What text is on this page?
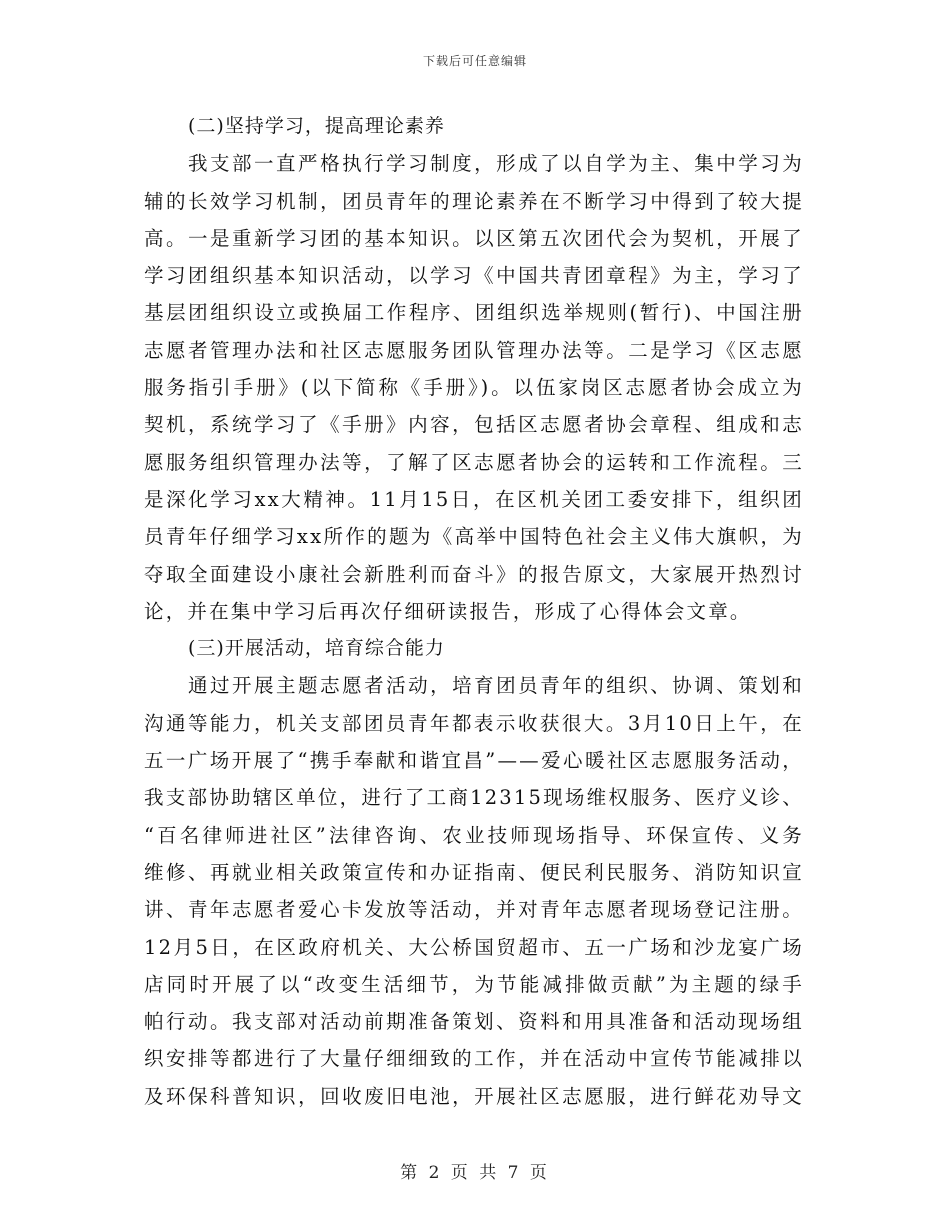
下载后可任意编辑
(二)坚持学习，提高理论素养
我支部一直严格执行学习制度，形成了以自学为主、集中学习为
辅的长效学习机制，团员青年的理论素养在不断学习中得到了较大提
高。一是重新学习团的基本知识。以区第五次团代会为契机，开展了
学习团组织基本知识活动，以学习《中国共青团章程》为主，学习了
基层团组织设立或换届工作程序、团组织选举规则(暂行)、中国注册
志愿者管理办法和社区志愿服务团队管理办法等。二是学习《区志愿
服务指引手册》(以下简称《手册》)。以伍家岗区志愿者协会成立为
契机，系统学习了《手册》内容，包括区志愿者协会章程、组成和志
愿服务组织管理办法等，了解了区志愿者协会的运转和工作流程。三
是深化学习xx大精神。11月15日，在区机关团工委安排下，组织团
员青年仔细学习xx所作的题为《高举中国特色社会主义伟大旗帜，为
夺取全面建设小康社会新胜利而奋斗》的报告原文，大家展开热烈讨
论，并在集中学习后再次仔细研读报告，形成了心得体会文章。
(三)开展活动，培育综合能力
通过开展主题志愿者活动，培育团员青年的组织、协调、策划和
沟通等能力，机关支部团员青年都表示收获很大。3月10日上午，在
五一广场开展了“携手奉献和谐宜昌”——爱心暖社区志愿服务活动，
我支部协助辖区单位，进行了工商12315现场维权服务、医疗义诊、
“百名律师进社区”法律咨询、农业技师现场指导、环保宣传、义务
维修、再就业相关政策宣传和办证指南、便民利民服务、消防知识宣
讲、青年志愿者爱心卡发放等活动，并对青年志愿者现场登记注册。
12月5日，在区政府机关、大公桥国贸超市、五一广场和沙龙宴广场
店同时开展了以“改变生活细节，为节能减排做贡献”为主题的绿手
帕行动。我支部对活动前期准备策划、资料和用具准备和活动现场组
织安排等都进行了大量仔细细致的工作，并在活动中宣传节能减排以
及环保科普知识，回收废旧电池，开展社区志愿服，进行鲜花劝导文
第 2 页 共 7 页
